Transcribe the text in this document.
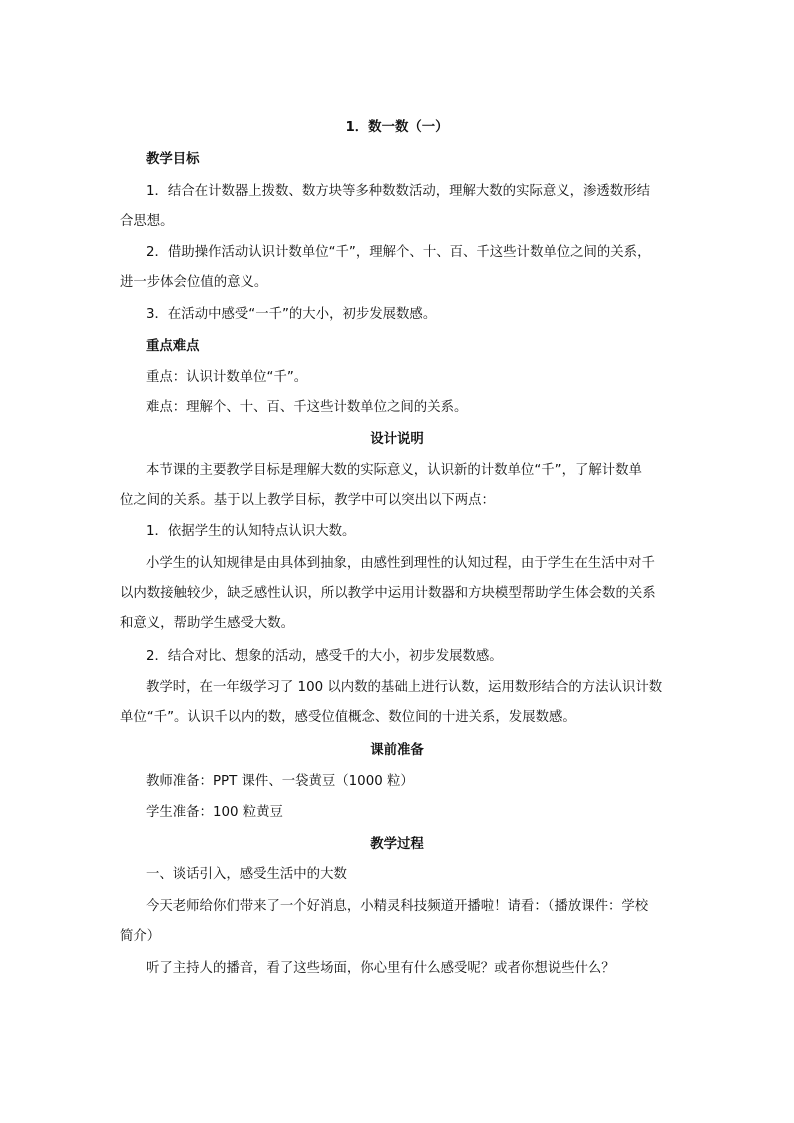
1．数一数（一）
教学目标
1．结合在计数器上拨数、数方块等多种数数活动，理解大数的实际意义，渗透数形结
合思想。
2．借助操作活动认识计数单位“千”，理解个、十、百、千这些计数单位之间的关系，
进一步体会位值的意义。
3．在活动中感受“一千”的大小，初步发展数感。
重点难点
重点：认识计数单位“千”。
难点：理解个、十、百、千这些计数单位之间的关系。
设计说明
本节课的主要教学目标是理解大数的实际意义，认识新的计数单位“千”，了解计数单
位之间的关系。基于以上教学目标，教学中可以突出以下两点：
1．依据学生的认知特点认识大数。
小学生的认知规律是由具体到抽象，由感性到理性的认知过程，由于学生在生活中对千
以内数接触较少，缺乏感性认识，所以教学中运用计数器和方块模型帮助学生体会数的关系
和意义，帮助学生感受大数。
2．结合对比、想象的活动，感受千的大小，初步发展数感。
教学时，在一年级学习了 100 以内数的基础上进行认数，运用数形结合的方法认识计数
单位“千”。认识千以内的数，感受位值概念、数位间的十进关系，发展数感。
课前准备
教师准备：PPT 课件、一袋黄豆（1000 粒）
学生准备：100 粒黄豆
教学过程
一、谈话引入，感受生活中的大数
今天老师给你们带来了一个好消息，小精灵科技频道开播啦！请看：（播放课件：学校
简介）
听了主持人的播音，看了这些场面，你心里有什么感受呢？或者你想说些什么？
